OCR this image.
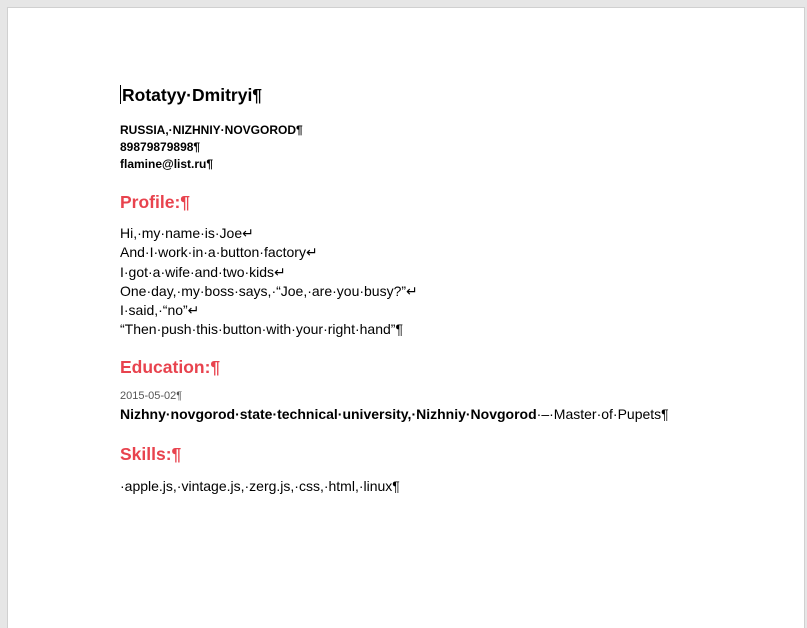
Rotatyy·Dmitryi¶
RUSSIA,·NIZHNIY·NOVGOROD¶
89879879898¶
flamine@list.ru¶
Profile:¶
Hi,·my·name·is·Joe↵
And·I·work·in·a·button·factory↵
I·got·a·wife·and·two·kids↵
One·day,·my·boss·says,·“Joe,·are·you·busy?”↵
I·said,·“no”↵
“Then·push·this·button·with·your·right·hand”¶
Education:¶
2015-05-02¶
Nizhny·novgorod·state·technical·university,·Nizhniy·Novgorod·–·Master·of·Pupets¶
Skills:¶
·apple.js,·vintage.js,·zerg.js,·css,·html,·linux¶
